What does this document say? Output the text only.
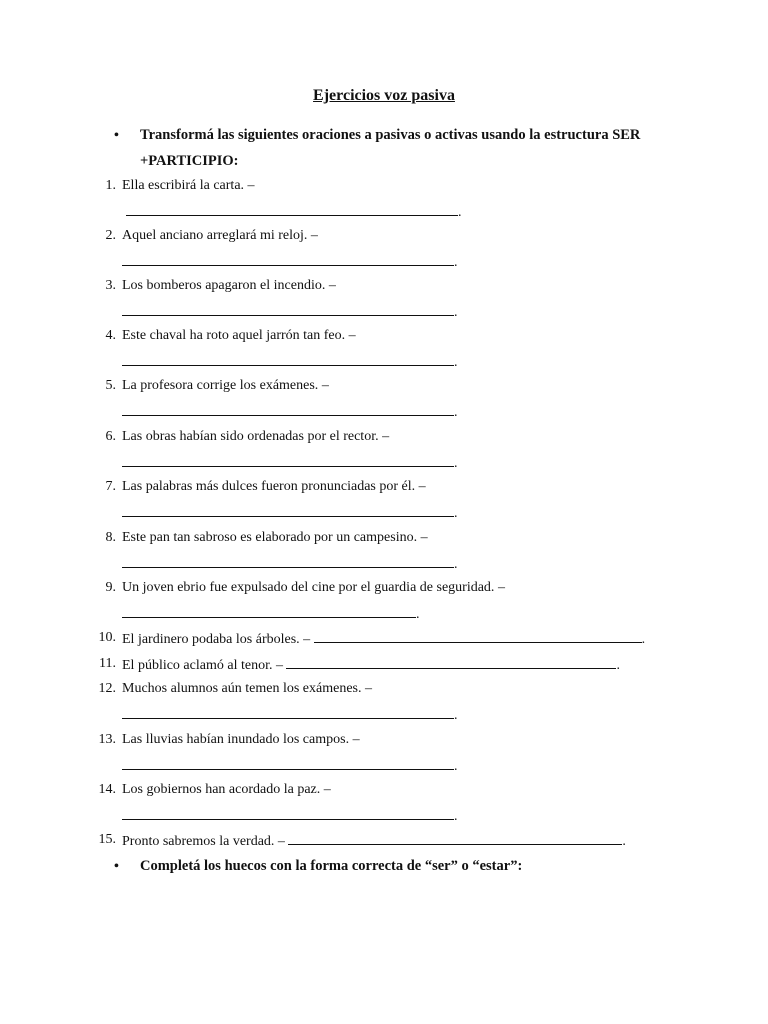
Ejercicios voz pasiva
•	Transformá las siguientes oraciones a pasivas o activas usando la estructura SER
+PARTICIPIO:
1. Ella escribirá la carta. –
.
2. Aquel anciano arreglará mi reloj. –
.
3. Los bomberos apagaron el incendio. –
.
4. Este chaval ha roto aquel jarrón tan feo. –
.
5. La profesora corrige los exámenes. –
.
6. Las obras habían sido ordenadas por el rector. –
.
7. Las palabras más dulces fueron pronunciadas por él. –
.
8. Este pan tan sabroso es elaborado por un campesino. –
.
9. Un joven ebrio fue expulsado del cine por el guardia de seguridad. –
.
10. El jardinero podaba los árboles. –	.
11. El público aclamó al tenor. –	.
12. Muchos alumnos aún temen los exámenes. –
.
13. Las lluvias habían inundado los campos. –
.
14. Los gobiernos han acordado la paz. –
.
15. Pronto sabremos la verdad. –	.
•	Completá los huecos con la forma correcta de “ser” o “estar”:
